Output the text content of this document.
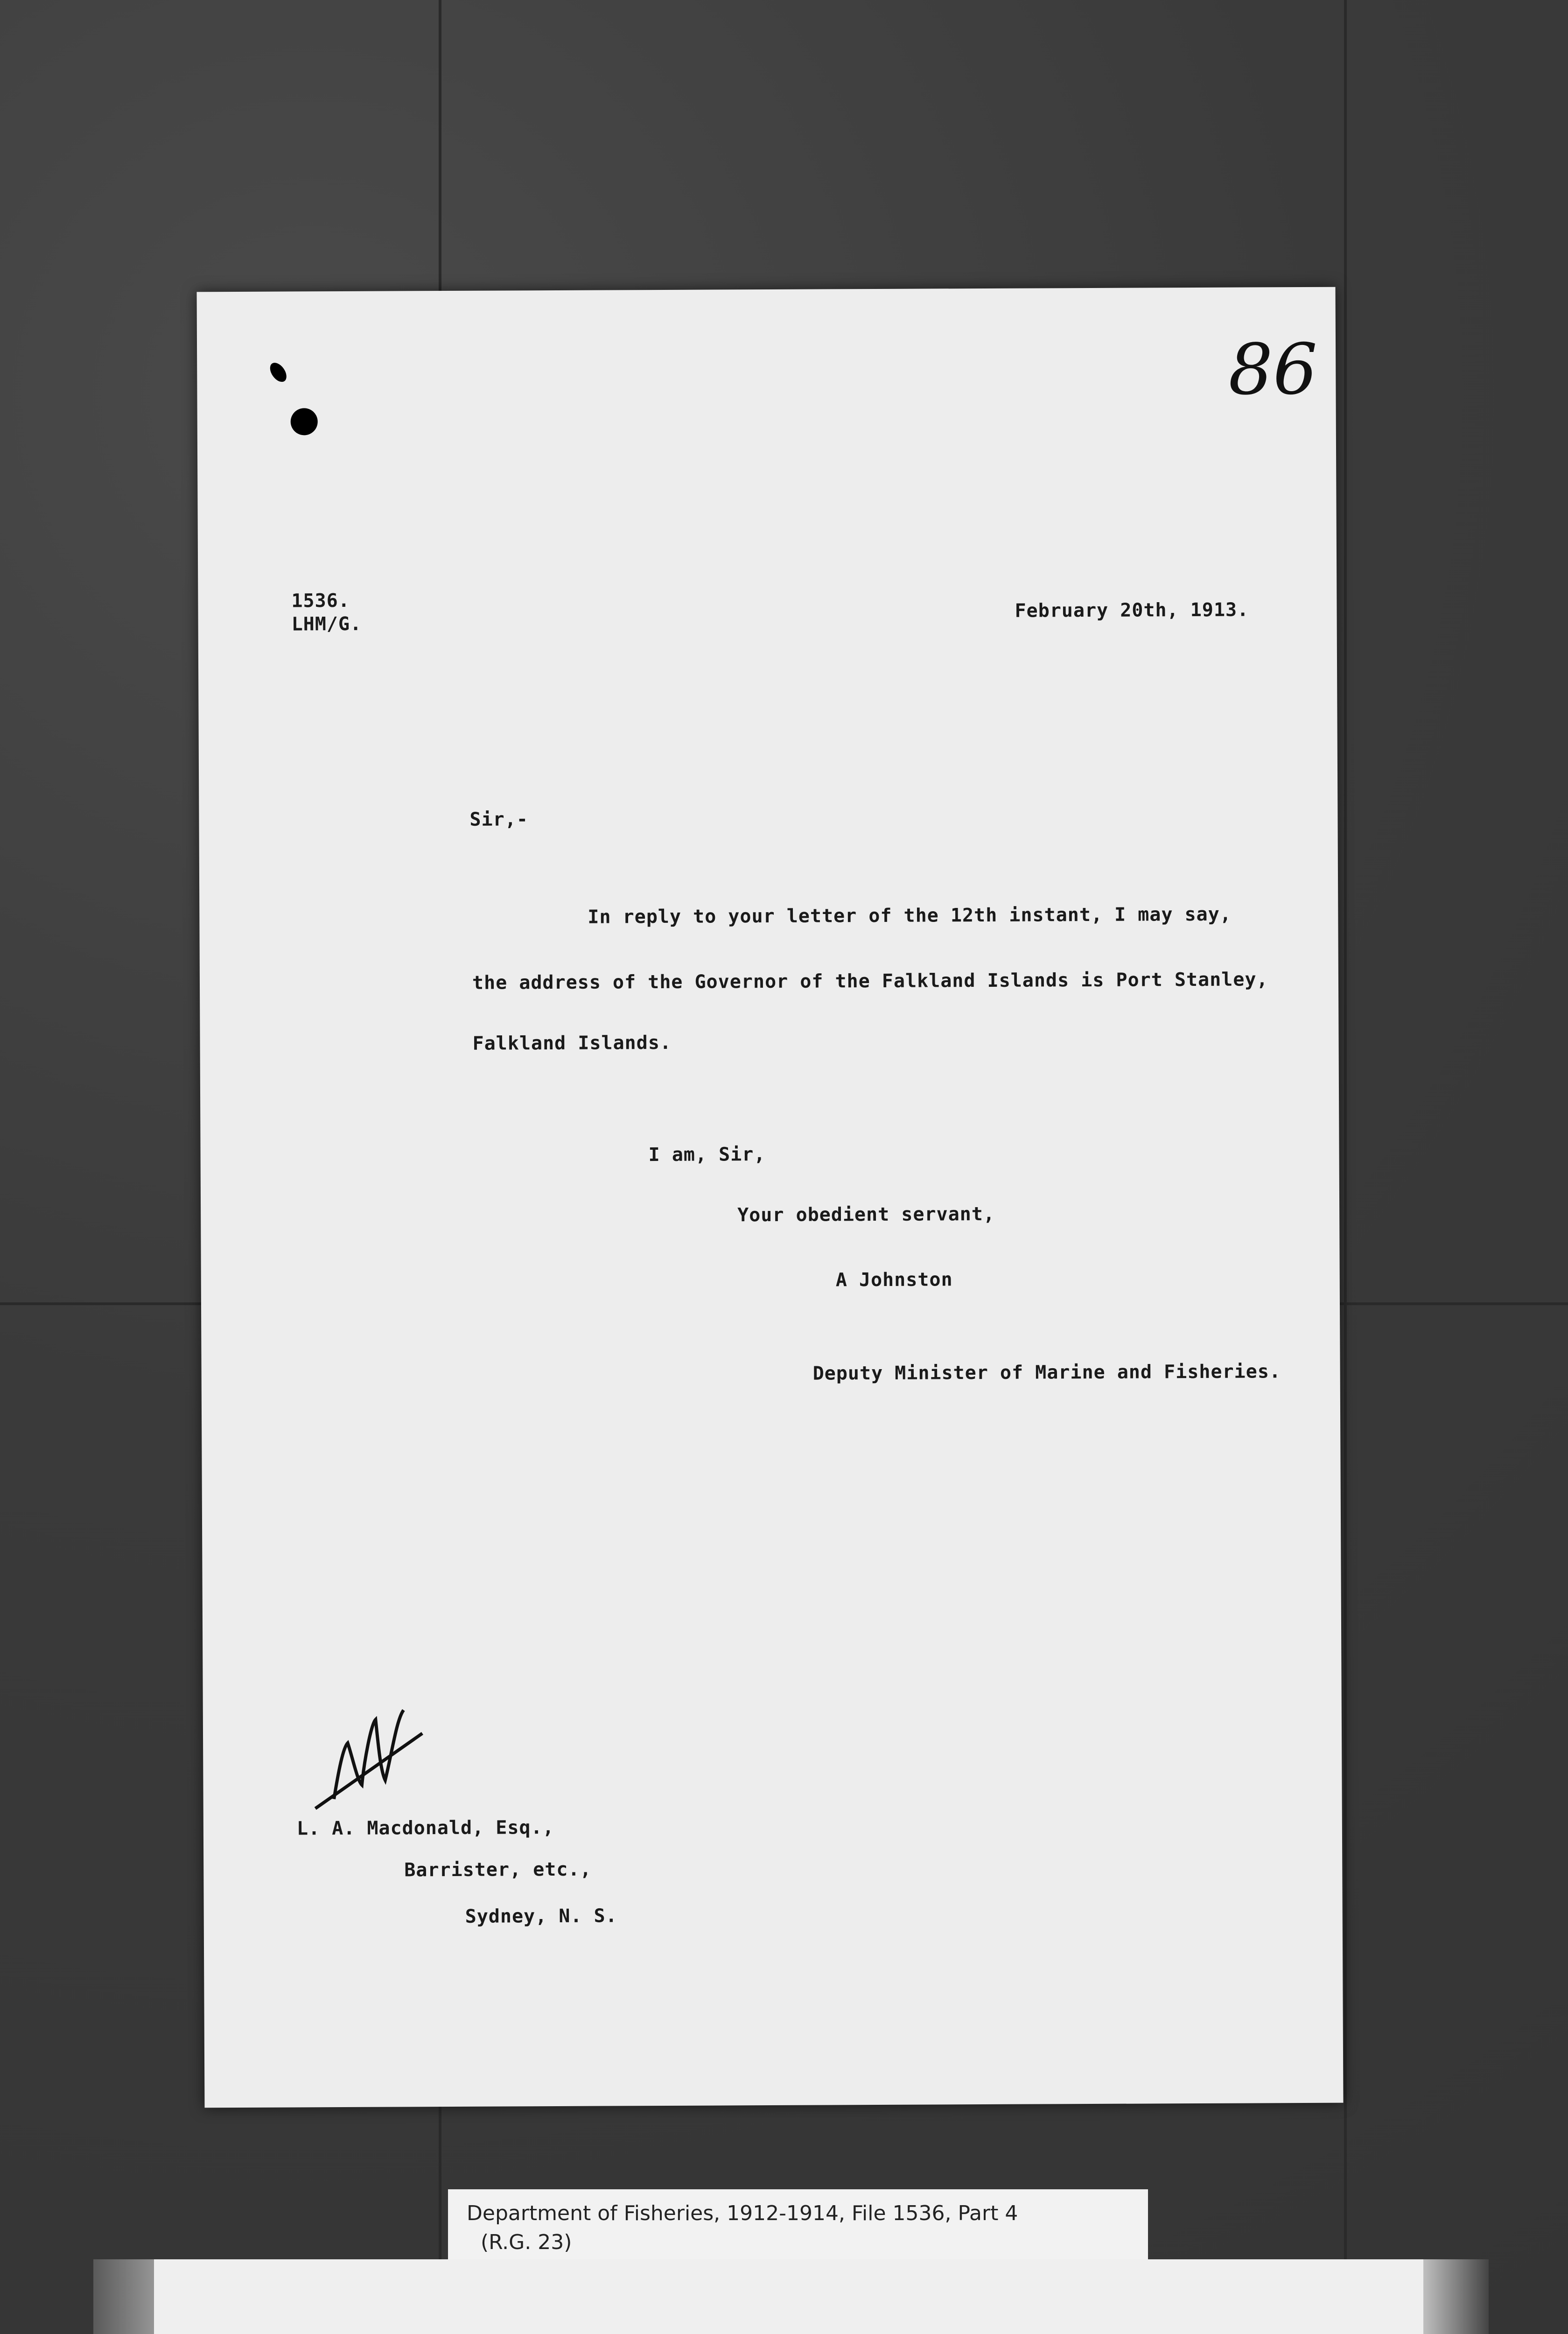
86
1536.
LHM/G.
February 20th, 1913.
Sir,-
In reply to your letter of the 12th instant, I may say,
the address of the Governor of the Falkland Islands is Port Stanley,
Falkland Islands.
I am, Sir,
Your obedient servant,
A Johnston
Deputy Minister of Marine and Fisheries.
L. A. Macdonald, Esq.,
Barrister, etc.,
Sydney, N. S.
Department of Fisheries, 1912-1914, File 1536, Part 4
(R.G. 23)
